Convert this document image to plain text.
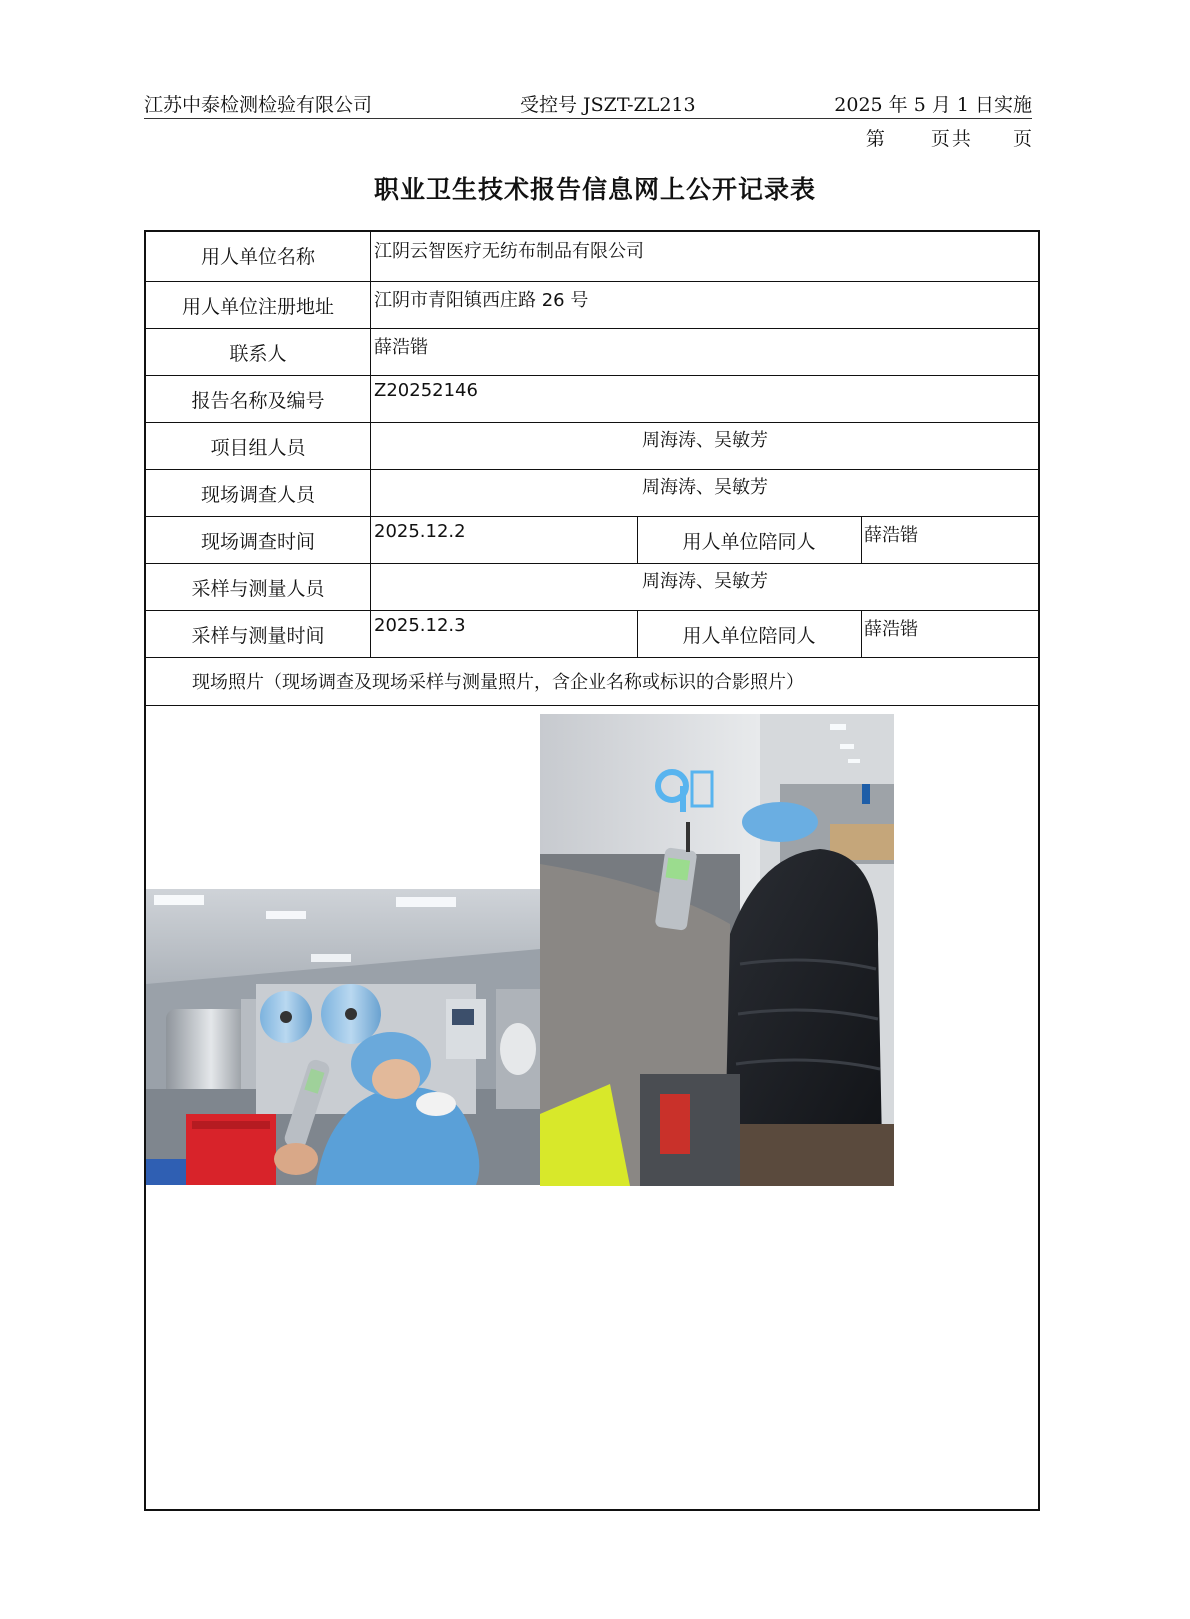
江苏中泰检测检验有限公司	受控号 JSZT-ZL213	2025 年 5 月 1 日实施
第 页共 页
职业卫生技术报告信息网上公开记录表
用人单位名称	江阴云智医疗无纺布制品有限公司
用人单位注册地址	江阴市青阳镇西庄路 26 号
联系人	薛浩锴
报告名称及编号	Z20252146
项目组人员	周海涛、吴敏芳
现场调查人员	周海涛、吴敏芳
现场调查时间	2025.12.2	用人单位陪同人	薛浩锴
采样与测量人员	周海涛、吴敏芳
采样与测量时间	2025.12.3	用人单位陪同人	薛浩锴
现场照片（现场调查及现场采样与测量照片，含企业名称或标识的合影照片）
